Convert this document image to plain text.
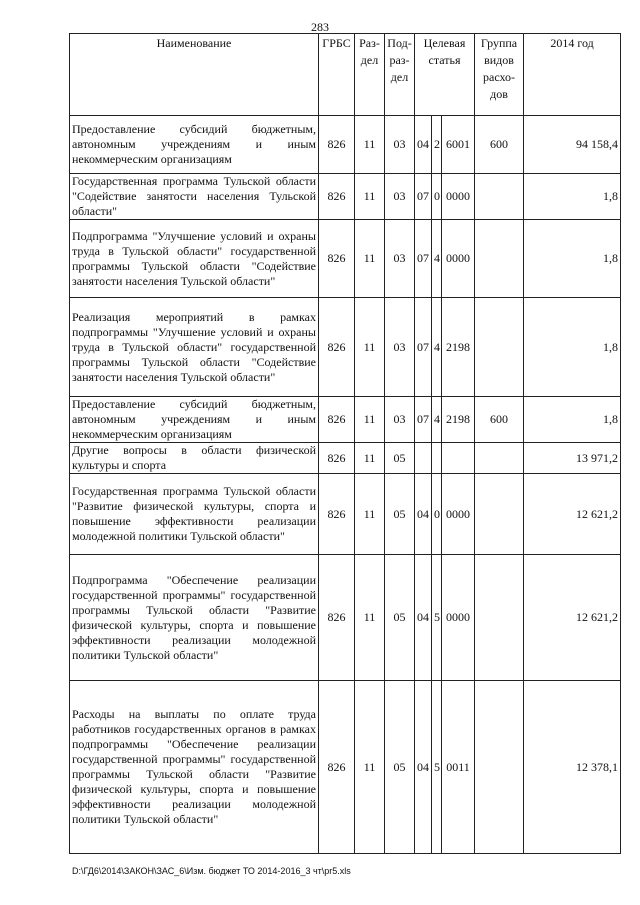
283
Наименование	ГРБС	Раз-дел	Под-раз-дел	Целевая статья			Группа видов расхо-дов	2014 год
Предоставление субсидий бюджетным, автономным учреждениям и иным некоммерческим организациям	826	11	03	04	2	6001	600	94 158,4
Государственная программа Тульской области "Содействие занятости населения Тульской области"	826	11	03	07	0	0000		1,8
Подпрограмма "Улучшение условий и охраны труда в Тульской области" государственной программы Тульской области "Содействие занятости населения Тульской области"	826	11	03	07	4	0000		1,8
Реализация мероприятий в рамках подпрограммы "Улучшение условий и охраны труда в Тульской области" государственной программы Тульской области "Содействие занятости населения Тульской области"	826	11	03	07	4	2198		1,8
Предоставление субсидий бюджетным, автономным учреждениям и иным некоммерческим организациям	826	11	03	07	4	2198	600	1,8
Другие вопросы в области физической культуры и спорта	826	11	05					13 971,2
Государственная программа Тульской области "Развитие физической культуры, спорта и повышение эффективности реализации молодежной политики Тульской области"	826	11	05	04	0	0000		12 621,2
Подпрограмма "Обеспечение реализации государственной программы" государственной программы Тульской области "Развитие физической культуры, спорта и повышение эффективности реализации молодежной политики Тульской области"	826	11	05	04	5	0000		12 621,2
Расходы на выплаты по оплате труда работников государственных органов в рамках подпрограммы "Обеспечение реализации государственной программы" государственной программы Тульской области "Развитие физической культуры, спорта и повышение эффективности реализации молодежной политики Тульской области"	826	11	05	04	5	0011		12 378,1
D:\ГД6\2014\ЗАКОН\ЗАС_6\Изм. бюджет ТО 2014-2016_3 чт\pr5.xls
